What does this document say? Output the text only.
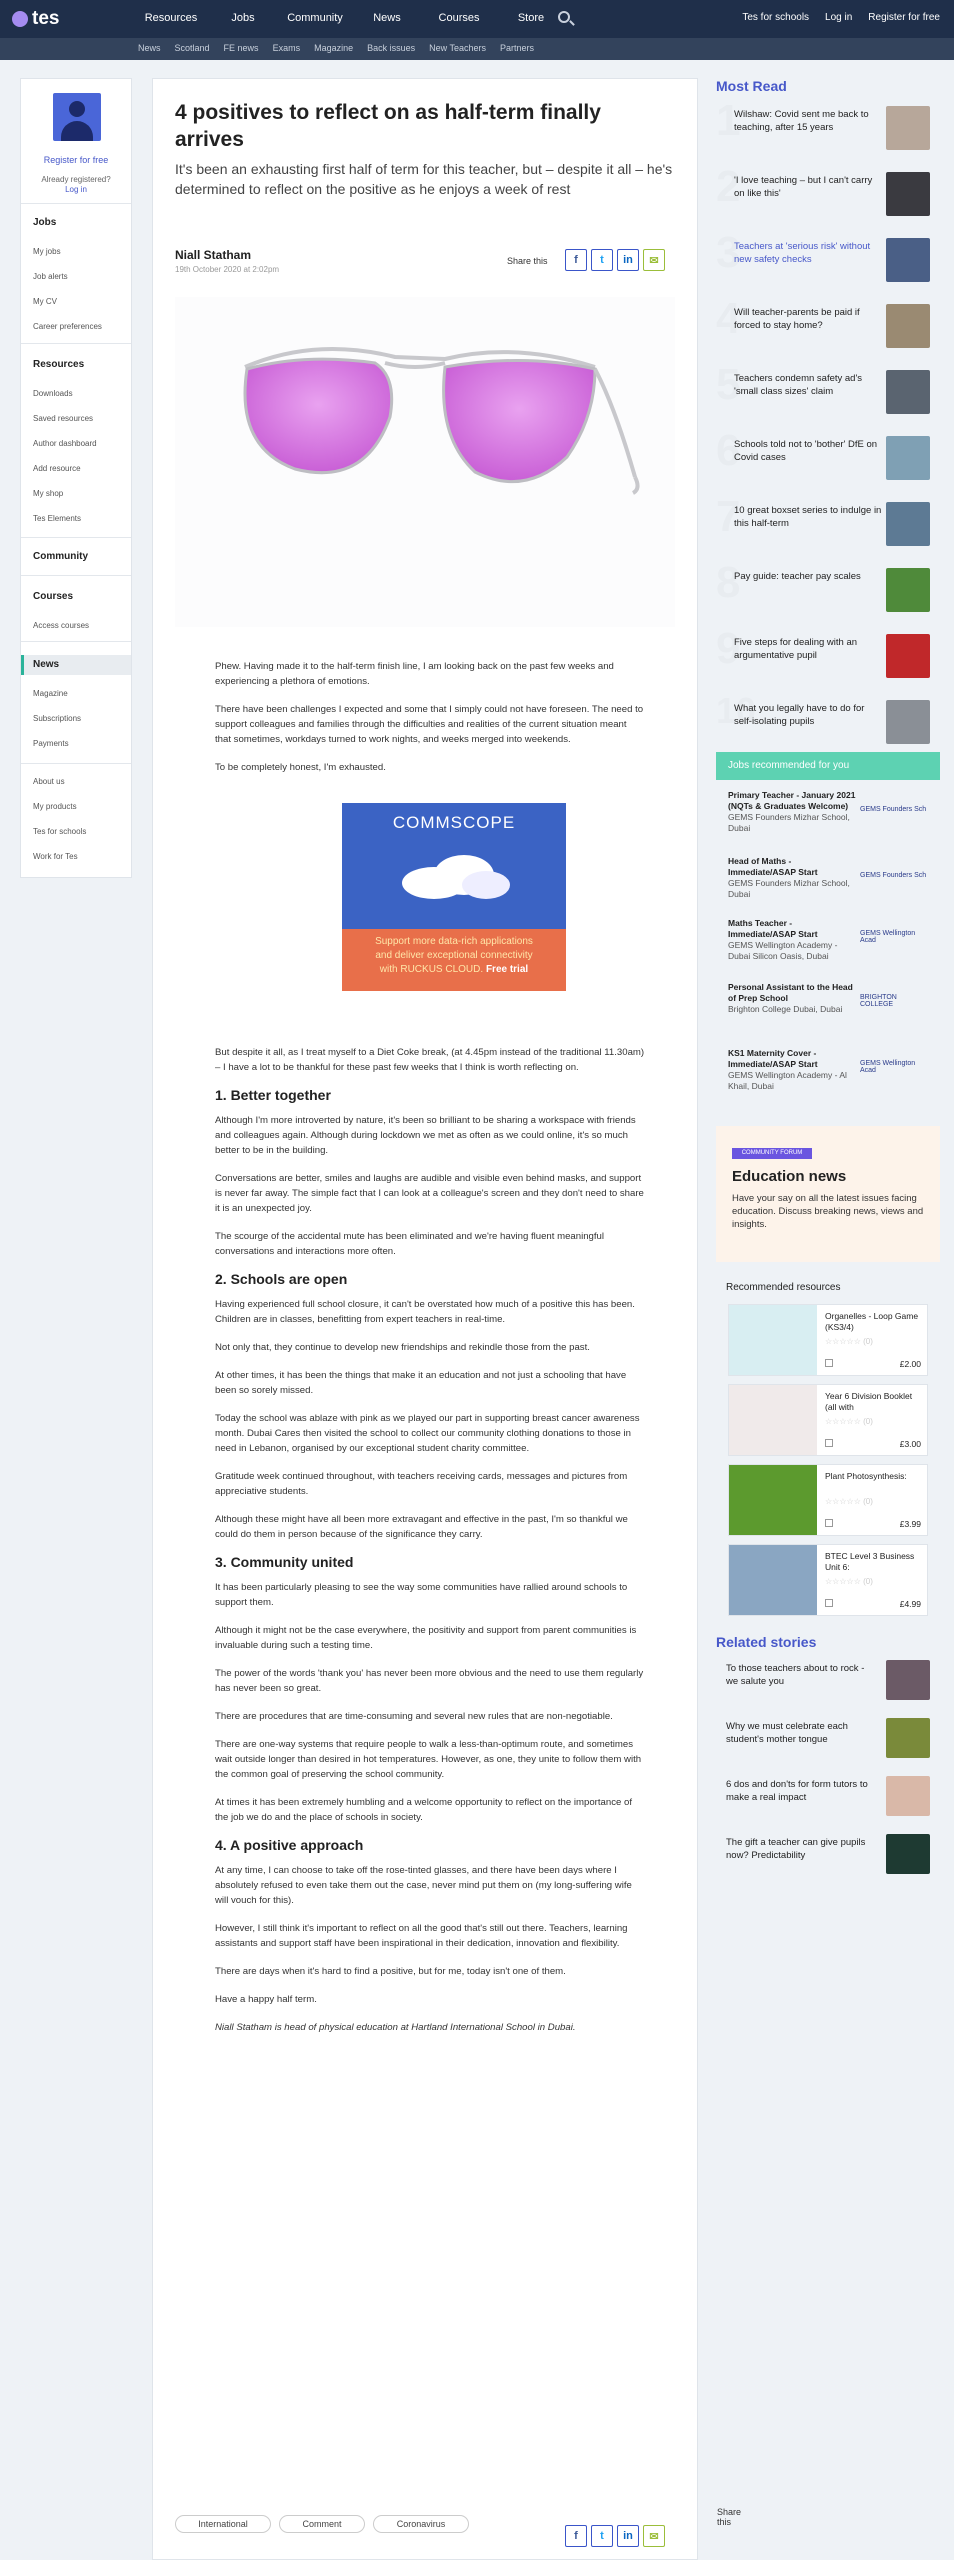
tes	Resources	Jobs	Community	News	Courses	Store	Tes for schools Log in Register for free
News Scotland FE news Exams Magazine Back issues New Teachers Partners
Register for free
Already registered?
Log in
Jobs
My jobs
Job alerts
My CV
Career preferences
Resources
Downloads
Saved resources
Author dashboard
Add resource
My shop
Tes Elements
Community
Courses
Access courses
News
Magazine
Subscriptions
Payments
About us
My products
Tes for schools
Work for Tes
4 positives to reflect on as half-term finally arrives

It's been an exhausting first half of term for this teacher, but – despite it all – he's determined to reflect on the positive as he enjoys a week of rest

Niall Statham
19th October 2020 at 2:02pm
Share this f t in ✉

Phew. Having made it to the half-term finish line, I am looking back on the past few weeks and experiencing a plethora of emotions.

There have been challenges I expected and some that I simply could not have foreseen. The need to support colleagues and families through the difficulties and realities of the current situation meant that sometimes, workdays turned to work nights, and weeks merged into weekends.

To be completely honest, I'm exhausted.

COMMSCOPE
Support more data-rich applications
and deliver exceptional connectivity
with RUCKUS CLOUD. Free trial

But despite it all, as I treat myself to a Diet Coke break, (at 4.45pm instead of the traditional 11.30am) – I have a lot to be thankful for these past few weeks that I think is worth reflecting on.

1. Better together

Although I'm more introverted by nature, it's been so brilliant to be sharing a workspace with friends and colleagues again. Although during lockdown we met as often as we could online, it's so much better to be in the building.

Conversations are better, smiles and laughs are audible and visible even behind masks, and support is never far away. The simple fact that I can look at a colleague's screen and they don't need to share it is an unexpected joy.

The scourge of the accidental mute has been eliminated and we're having fluent meaningful conversations and interactions more often.

2. Schools are open

Having experienced full school closure, it can't be overstated how much of a positive this has been. Children are in classes, benefitting from expert teachers in real-time.

Not only that, they continue to develop new friendships and rekindle those from the past.

At other times, it has been the things that make it an education and not just a schooling that have been so sorely missed.

Today the school was ablaze with pink as we played our part in supporting breast cancer awareness month. Dubai Cares then visited the school to collect our community clothing donations to those in need in Lebanon, organised by our exceptional student charity committee.

Gratitude week continued throughout, with teachers receiving cards, messages and pictures from appreciative students.

Although these might have all been more extravagant and effective in the past, I'm so thankful we could do them in person because of the significance they carry.

3. Community united

It has been particularly pleasing to see the way some communities have rallied around schools to support them.

Although it might not be the case everywhere, the positivity and support from parent communities is invaluable during such a testing time.

The power of the words 'thank you' has never been more obvious and the need to use them regularly has never been so great.

There are procedures that are time-consuming and several new rules that are non-negotiable.

There are one-way systems that require people to walk a less-than-optimum route, and sometimes wait outside longer than desired in hot temperatures. However, as one, they unite to follow them with the common goal of preserving the school community.

At times it has been extremely humbling and a welcome opportunity to reflect on the importance of the job we do and the place of schools in society.

4. A positive approach

At any time, I can choose to take off the rose-tinted glasses, and there have been days where I absolutely refused to even take them out the case, never mind put them on (my long-suffering wife will vouch for this).

However, I still think it's important to reflect on all the good that's still out there. Teachers, learning assistants and support staff have been inspirational in their dedication, innovation and flexibility.

There are days when it's hard to find a positive, but for me, today isn't one of them.

Have a happy half term.

Niall Statham is head of physical education at Hartland International School in Dubai.

International	Comment	Coronavirus
Share this
f t in ✉
Most Read
1
Wilshaw: Covid sent me back to teaching, after 15 years
2
'I love teaching – but I can't carry on like this'
3
Teachers at 'serious risk' without new safety checks
4
Will teacher-parents be paid if forced to stay home?
5
Teachers condemn safety ad's 'small class sizes' claim
6
Schools told not to 'bother' DfE on Covid cases
7
10 great boxset series to indulge in this half-term
8
Pay guide: teacher pay scales
9
Five steps for dealing with an argumentative pupil
10
What you legally have to do for self-isolating pupils
Jobs recommended for you
Primary Teacher - January 2021 (NQTs & Graduates Welcome)
GEMS Founders Mizhar School, Dubai
GEMS Founders Sch
Head of Maths - Immediate/ASAP Start
GEMS Founders Mizhar School, Dubai
GEMS Founders Sch
Maths Teacher - Immediate/ASAP Start
GEMS Wellington Academy - Dubai Silicon Oasis, Dubai
GEMS Wellington Acad
Personal Assistant to the Head of Prep School
Brighton College Dubai, Dubai
BRIGHTON COLLEGE
KS1 Maternity Cover - Immediate/ASAP Start
GEMS Wellington Academy - Al Khail, Dubai
GEMS Wellington Acad
COMMUNITY FORUM
Education news
Have your say on all the latest issues facing education. Discuss breaking news, views and insights.
Recommended resources
Organelles - Loop Game (KS3/4)
☆☆☆☆☆ (0)
£2.00
Year 6 Division Booklet (all with
☆☆☆☆☆ (0)
£3.00
Plant Photosynthesis:
☆☆☆☆☆ (0)
£3.99
BTEC Level 3 Business Unit 6:
☆☆☆☆☆ (0)
£4.99
Related stories
To those teachers about to rock - we salute you
Why we must celebrate each student's mother tongue
6 dos and don'ts for form tutors to make a real impact
The gift a teacher can give pupils now? Predictability
